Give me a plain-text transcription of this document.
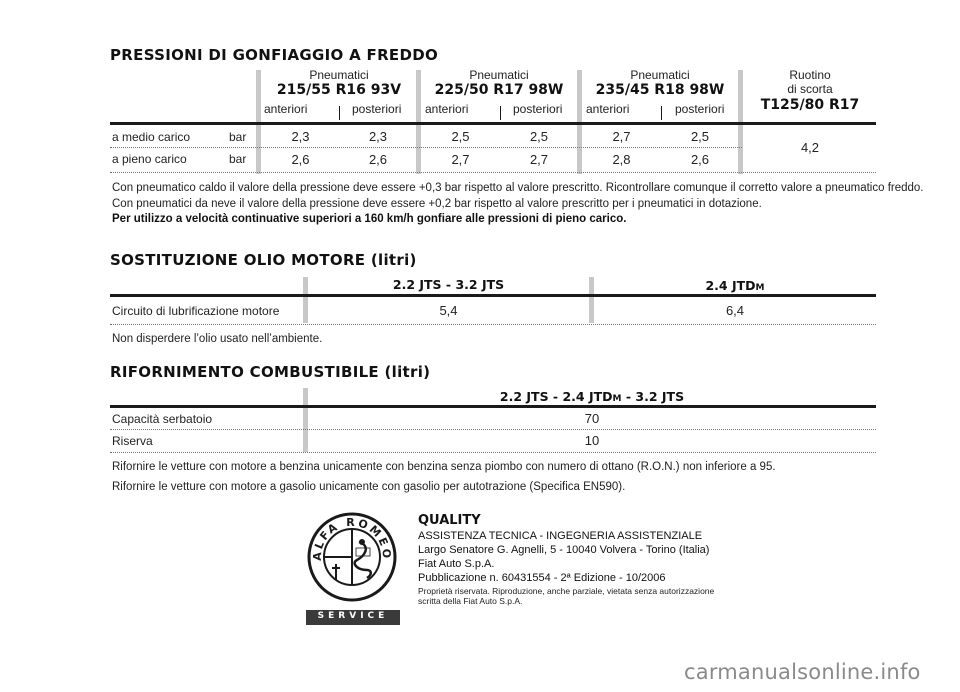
PRESSIONI DI GONFIAGGIO A FREDDO
Pneumatici
215/55 R16 93V
Pneumatici
225/50 R17 98W
Pneumatici
235/45 R18 98W
anteriori	posteriori anteriori	posteriori anteriori	posteriori
Ruotino
di scorta
T125/80 R17
a medio carico	bar	2,3	2,3	2,5	2,5	2,7	2,5
a pieno carico	bar	2,6	2,6	2,7	2,7	2,8	2,6
4,2
Con pneumatico caldo il valore della pressione deve essere +0,3 bar rispetto al valore prescritto. Ricontrollare comunque il corretto valore a pneumatico freddo.
Con pneumatici da neve il valore della pressione deve essere +0,2 bar rispetto al valore prescritto per i pneumatici in dotazione.
Per utilizzo a velocità continuative superiori a 160 km/h gonfiare alle pressioni di pieno carico.
SOSTITUZIONE OLIO MOTORE (litri)
2.2 JTS - 3.2 JTS	2.4 JTDM
Circuito di lubrificazione motore	5,4	6,4
Non disperdere l’olio usato nell’ambiente.
RIFORNIMENTO COMBUSTIBILE (litri)
2.2 JTS - 2.4 JTDM - 3.2 JTS
Capacità serbatoio	70
Riserva	10
Rifornire le vetture con motore a benzina unicamente con benzina senza piombo con numero di ottano (R.O.N.) non inferiore a 95.
Rifornire le vetture con motore a gasolio unicamente con gasolio per autotrazione (Specifica EN590).
ALFA ROMEO
SERVICE
QUALITY
ASSISTENZA TECNICA - INGEGNERIA ASSISTENZIALE
Largo Senatore G. Agnelli, 5 - 10040 Volvera - Torino (Italia)
Fiat Auto S.p.A.
Pubblicazione n. 60431554 - 2ª Edizione - 10/2006
Proprietà riservata. Riproduzione, anche parziale, vietata senza autorizzazione
scritta della Fiat Auto S.p.A.
carmanualsonline.info
